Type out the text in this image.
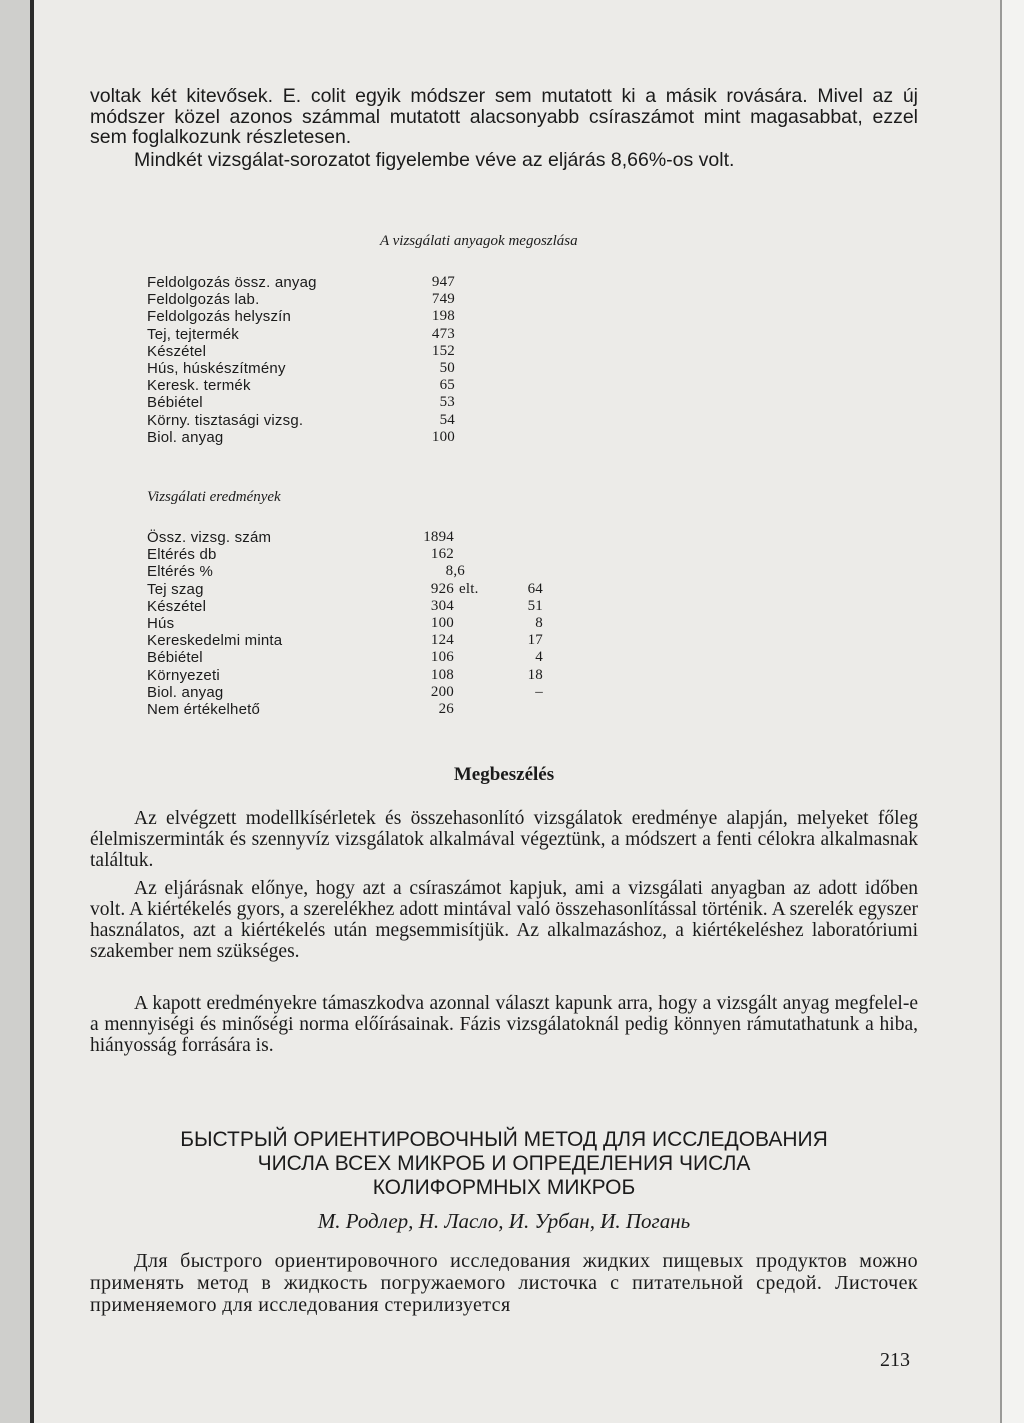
voltak két kitevősek. E. colit egyik módszer sem mutatott ki a másik rovására. Mivel az új módszer közel azonos számmal mutatott alacsonyabb csíraszámot mint magasabbat, ezzel sem foglalkozunk részletesen.

Mindkét vizsgálat-sorozatot figyelembe véve az eljárás 8,66%-os volt.

A vizsgálati anyagok megoszlása
Feldolgozás össz. anyag	947
Feldolgozás lab.	749
Feldolgozás helyszín	198
Tej, tejtermék	473
Készétel	152
Hús, húskészítmény	50
Keresk. termék	65
Bébiétel	53
Körny. tisztasági vizsg.	54
Biol. anyag	100
Vizsgálati eredmények
Össz. vizsg. szám	1894
Eltérés db	162
Eltérés %	8,6
Tej szag	926 elt.	64
Készétel	304	51
Hús	100	8
Kereskedelmi minta	124	17
Bébiétel	106	4
Környezeti	108	18
Biol. anyag	200	–
Nem értékelhető	26
Megbeszélés

Az elvégzett modellkísérletek és összehasonlító vizsgálatok eredménye alapján, melyeket főleg élelmiszerminták és szennyvíz vizsgálatok alkalmával végeztünk, a módszert a fenti célokra alkalmasnak találtuk.

Az eljárásnak előnye, hogy azt a csíraszámot kapjuk, ami a vizsgálati anyagban az adott időben volt. A kiértékelés gyors, a szerelékhez adott mintával való összehasonlítással történik. A szerelék egyszer használatos, azt a kiértékelés után megsemmisítjük. Az alkalmazáshoz, a kiértékeléshez laboratóriumi szakember nem szükséges.

A kapott eredményekre támaszkodva azonnal választ kapunk arra, hogy a vizsgált anyag megfelel-e a mennyiségi és minőségi norma előírásainak. Fázis vizsgálatoknál pedig könnyen rámutathatunk a hiba, hiányosság forrására is.

БЫСТРЫЙ ОРИЕНТИРОВОЧНЫЙ МЕТОД ДЛЯ ИССЛЕДОВАНИЯ
ЧИСЛА ВСЕХ МИКРОБ И ОПРЕДЕЛЕНИЯ ЧИСЛА
КОЛИФОРМНЫХ МИКРОБ
М. Родлер, Н. Ласло, И. Урбан, И. Погань

Для быстрого ориентировочного исследования жидких пищевых продуктов можно применять метод в жидкость погружаемого листочка с питательной средой. Листочек применяемого для исследования стерилизуется

213
